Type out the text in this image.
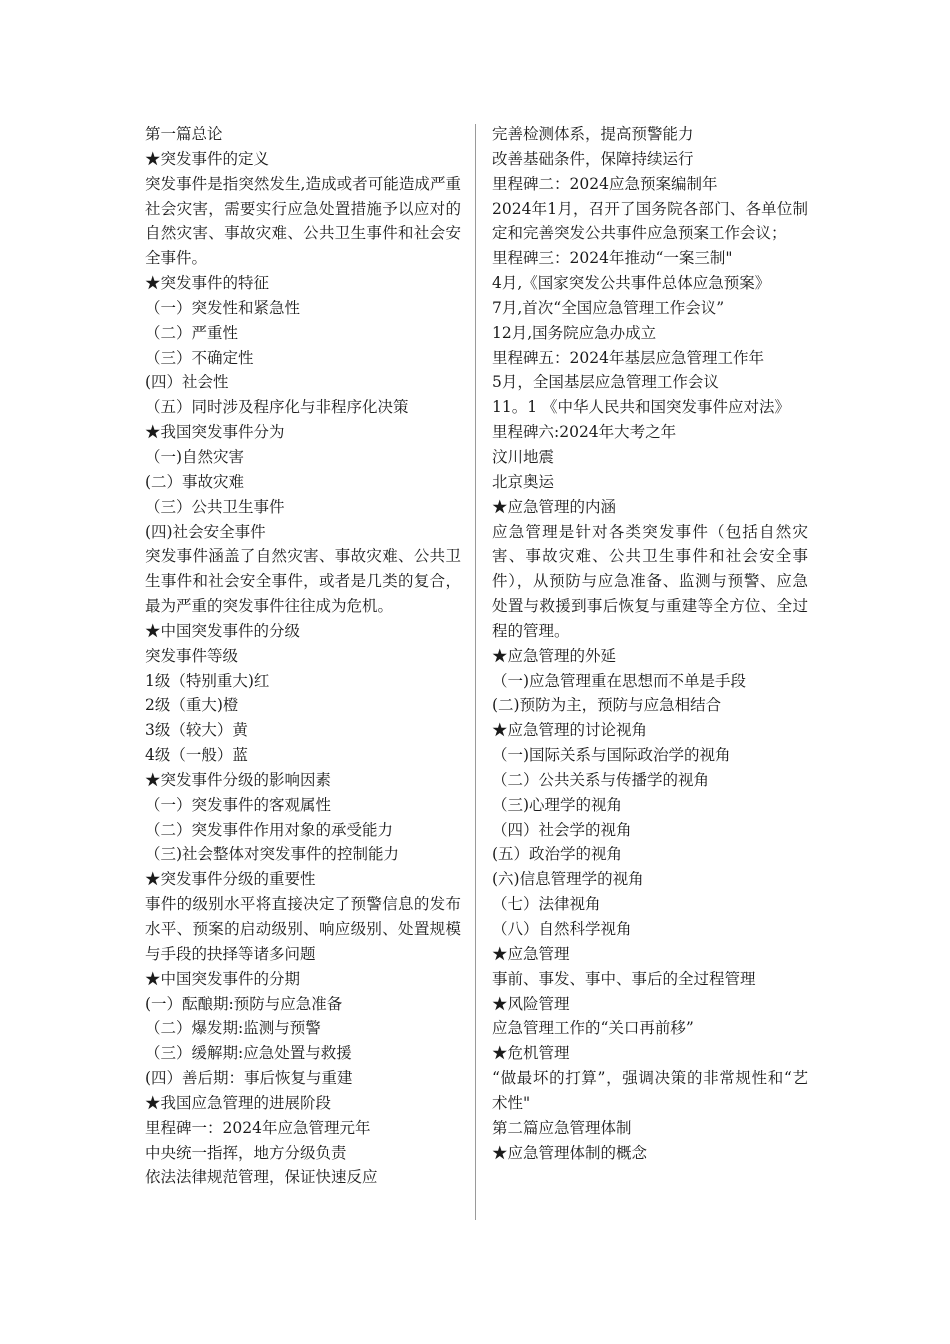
第一篇总论
★突发事件的定义
突发事件是指突然发生,造成或者可能造成严重社会灾害，需要实行应急处置措施予以应对的自然灾害、事故灾难、公共卫生事件和社会安全事件。
★突发事件的特征
（一）突发性和紧急性
（二）严重性
（三）不确定性
(四）社会性
（五）同时涉及程序化与非程序化决策
★我国突发事件分为
（一)自然灾害
(二）事故灾难
（三）公共卫生事件
(四)社会安全事件
突发事件涵盖了自然灾害、事故灾难、公共卫生事件和社会安全事件，或者是几类的复合，最为严重的突发事件往往成为危机。
★中国突发事件的分级
突发事件等级
1级（特别重大)红
2级（重大)橙
3级（较大）黄
4级（一般）蓝
★突发事件分级的影响因素
（一）突发事件的客观属性
（二）突发事件作用对象的承受能力
（三)社会整体对突发事件的控制能力
★突发事件分级的重要性
事件的级别水平将直接决定了预警信息的发布水平、预案的启动级别、响应级别、处置规模与手段的抉择等诸多问题
★中国突发事件的分期
(一）酝酿期:预防与应急准备
（二）爆发期:监测与预警
（三）缓解期:应急处置与救援
(四）善后期：事后恢复与重建
★我国应急管理的进展阶段
里程碑一：2024年应急管理元年
中央统一指挥，地方分级负责
依法法律规范管理，保证快速反应
完善检测体系，提高预警能力
改善基础条件，保障持续运行
里程碑二：2024应急预案编制年
2024年1月，召开了国务院各部门、各单位制定和完善突发公共事件应急预案工作会议；
里程碑三：2024年推动“一案三制"
4月,《国家突发公共事件总体应急预案》
7月,首次“全国应急管理工作会议”
12月,国务院应急办成立
里程碑五：2024年基层应急管理工作年
5月，全国基层应急管理工作会议
11。1 《中华人民共和国突发事件应对法》
里程碑六:2024年大考之年
汶川地震
北京奥运
★应急管理的内涵
应急管理是针对各类突发事件（包括自然灾害、事故灾难、公共卫生事件和社会安全事件），从预防与应急准备、监测与预警、应急处置与救援到事后恢复与重建等全方位、全过程的管理。
★应急管理的外延
（一)应急管理重在思想而不单是手段
(二)预防为主，预防与应急相结合
★应急管理的讨论视角
（一)国际关系与国际政治学的视角
（二）公共关系与传播学的视角
（三)心理学的视角
（四）社会学的视角
(五）政治学的视角
(六)信息管理学的视角
（七）法律视角
（八）自然科学视角
★应急管理
事前、事发、事中、事后的全过程管理
★风险管理
应急管理工作的“关口再前移”
★危机管理
“做最坏的打算”，强调决策的非常规性和“艺术性"
第二篇应急管理体制
★应急管理体制的概念
